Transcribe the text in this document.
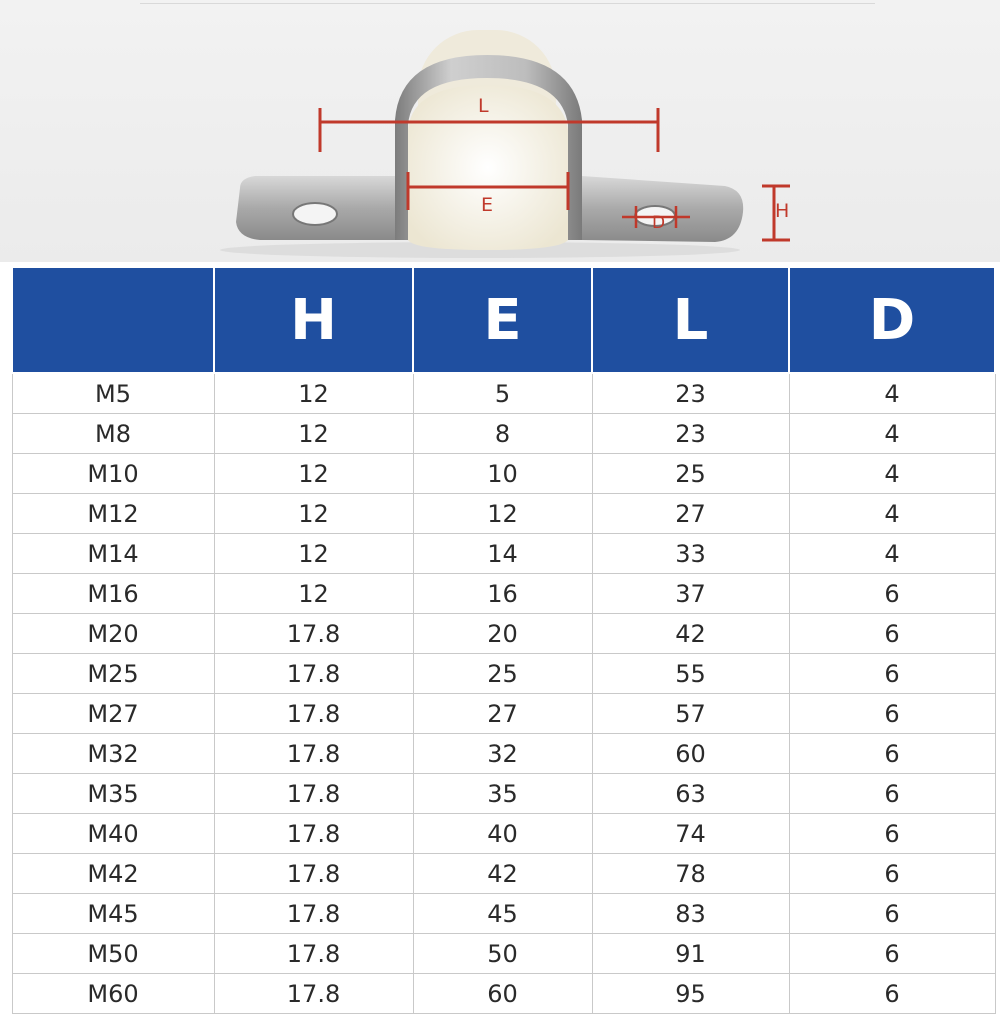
L
E
D
H
	H	E	L	D
M5	12	5	23	4
M8	12	8	23	4
M10	12	10	25	4
M12	12	12	27	4
M14	12	14	33	4
M16	12	16	37	6
M20	17.8	20	42	6
M25	17.8	25	55	6
M27	17.8	27	57	6
M32	17.8	32	60	6
M35	17.8	35	63	6
M40	17.8	40	74	6
M42	17.8	42	78	6
M45	17.8	45	83	6
M50	17.8	50	91	6
M60	17.8	60	95	6
